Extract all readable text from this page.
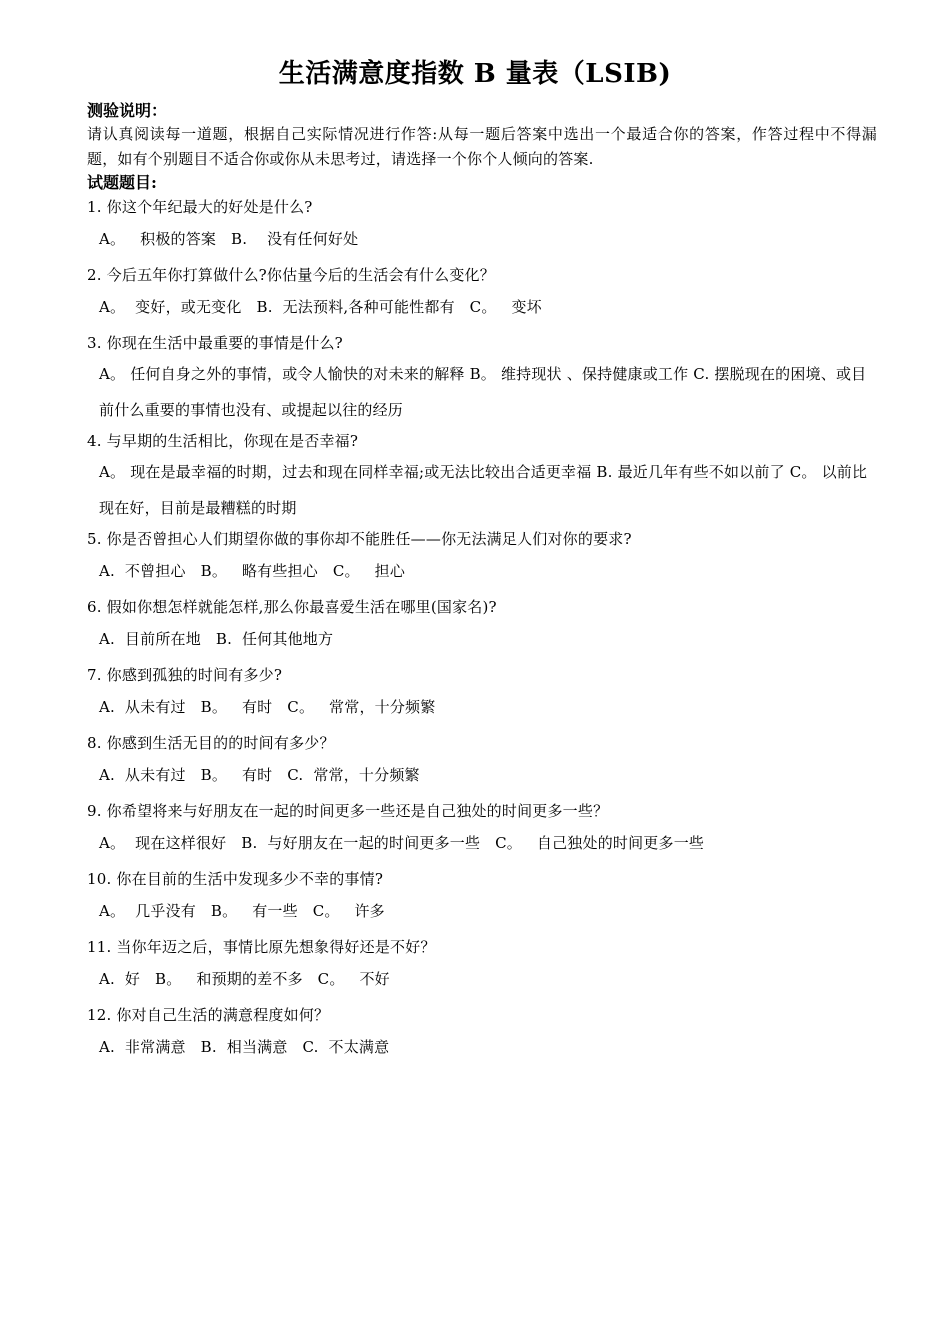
生活满意度指数 B 量表（LSIB)
测验说明：
请认真阅读每一道题，根据自己实际情况进行作答:从每一题后答案中选出一个最适合你的答案，作答过程中不得漏题，如有个别题目不适合你或你从未思考过，请选择一个你个人倾向的答案.
试题题目:
1. 你这个年纪最大的好处是什么?
A。   积极的答案   B.    没有任何好处
2. 今后五年你打算做什么?你估量今后的生活会有什么变化？
A。  变好，或无变化   B.  无法预料,各种可能性都有   C。   变坏
3. 你现在生活中最重要的事情是什么?
A。 任何自身之外的事情，或令人愉快的对未来的解释 B。 维持现状 、保持健康或工作 C. 摆脱现在的困境、或目前什么重要的事情也没有、或提起以往的经历
4. 与早期的生活相比，你现在是否幸福?
A。 现在是最幸福的时期，过去和现在同样幸福;或无法比较出合适更幸福 B. 最近几年有些不如以前了 C。 以前比现在好，目前是最糟糕的时期
5. 你是否曾担心人们期望你做的事你却不能胜任——你无法满足人们对你的要求?
A.  不曾担心   B。   略有些担心   C。   担心
6. 假如你想怎样就能怎样,那么你最喜爱生活在哪里(国家名)?
A.  目前所在地   B.  任何其他地方
7. 你感到孤独的时间有多少?
A.  从未有过   B。   有时   C。   常常，十分频繁
8. 你感到生活无目的的时间有多少？
A.  从未有过   B。   有时   C.  常常，十分频繁
9. 你希望将来与好朋友在一起的时间更多一些还是自己独处的时间更多一些？
A。  现在这样很好   B.  与好朋友在一起的时间更多一些   C。   自己独处的时间更多一些
10. 你在目前的生活中发现多少不幸的事情?
A。  几乎没有   B。   有一些   C。   许多
11. 当你年迈之后，事情比原先想象得好还是不好？
A.  好   B。   和预期的差不多   C。   不好
12. 你对自己生活的满意程度如何？
A.  非常满意   B.  相当满意   C.  不太满意
